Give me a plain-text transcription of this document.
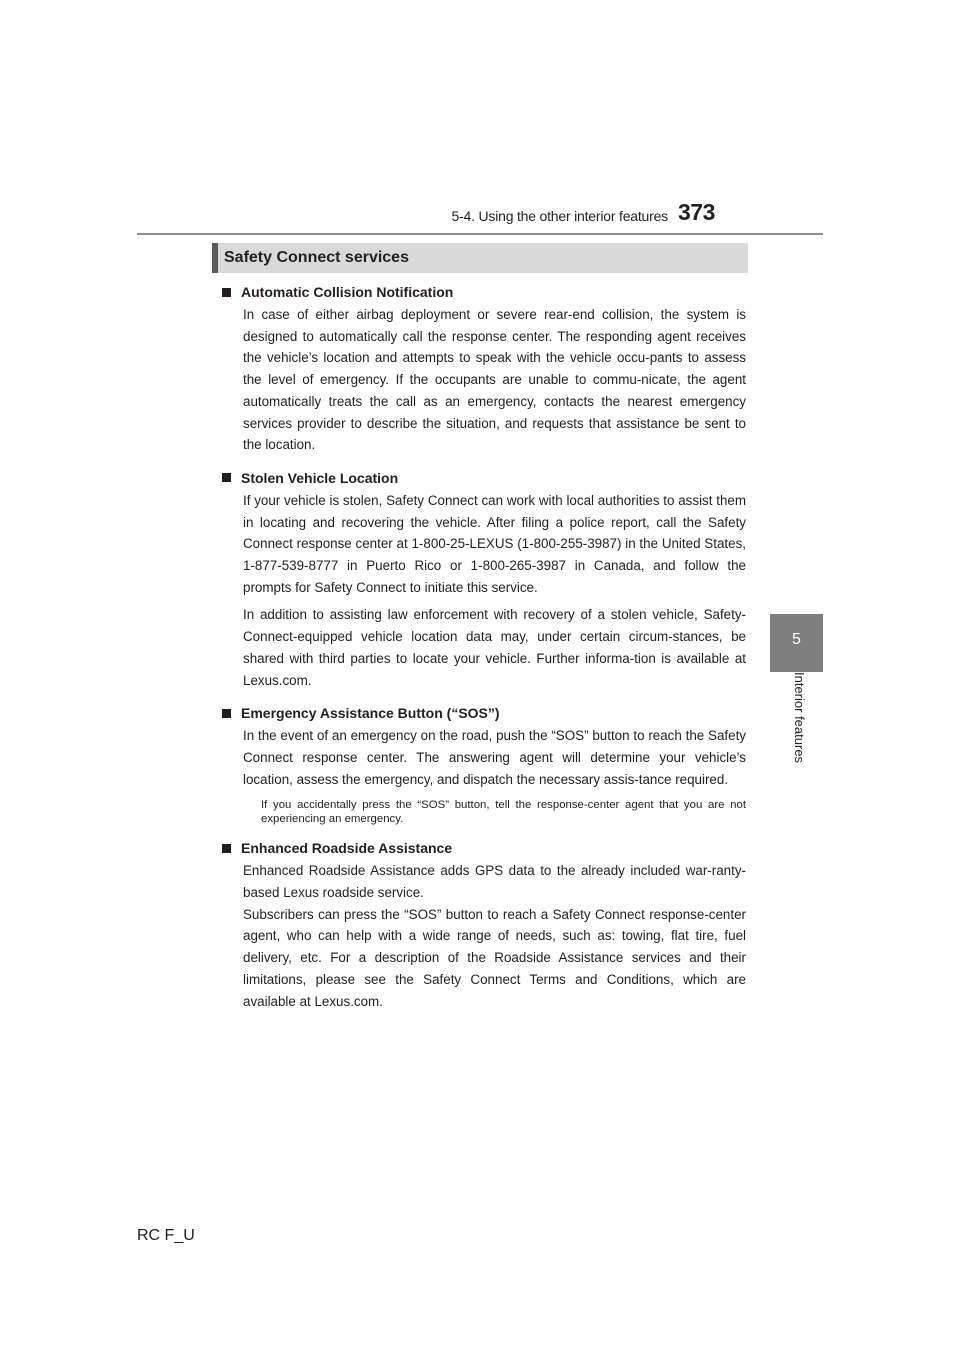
5-4. Using the other interior features 373
5
Interior features
Safety Connect services
Automatic Collision Notification

In case of either airbag deployment or severe rear-end collision, the system is designed to automatically call the response center. The responding agent receives the vehicle’s location and attempts to speak with the vehicle occu-pants to assess the level of emergency. If the occupants are unable to commu-nicate, the agent automatically treats the call as an emergency, contacts the nearest emergency services provider to describe the situation, and requests that assistance be sent to the location.

Stolen Vehicle Location

If your vehicle is stolen, Safety Connect can work with local authorities to assist them in locating and recovering the vehicle. After filing a police report, call the Safety Connect response center at 1-800-25-LEXUS (1-800-255-3987) in the United States, 1-877-539-8777 in Puerto Rico or 1-800-265-3987 in Canada, and follow the prompts for Safety Connect to initiate this service.

In addition to assisting law enforcement with recovery of a stolen vehicle, Safety-Connect-equipped vehicle location data may, under certain circum-stances, be shared with third parties to locate your vehicle. Further informa-tion is available at Lexus.com.

Emergency Assistance Button (“SOS”)

In the event of an emergency on the road, push the “SOS” button to reach the Safety Connect response center. The answering agent will determine your vehicle’s location, assess the emergency, and dispatch the necessary assis-tance required.

If you accidentally press the “SOS” button, tell the response-center agent that you are not experiencing an emergency.

Enhanced Roadside Assistance

Enhanced Roadside Assistance adds GPS data to the already included war-ranty-based Lexus roadside service.

Subscribers can press the “SOS” button to reach a Safety Connect response-center agent, who can help with a wide range of needs, such as: towing, flat tire, fuel delivery, etc. For a description of the Roadside Assistance services and their limitations, please see the Safety Connect Terms and Conditions, which are available at Lexus.com.

RC F_U
